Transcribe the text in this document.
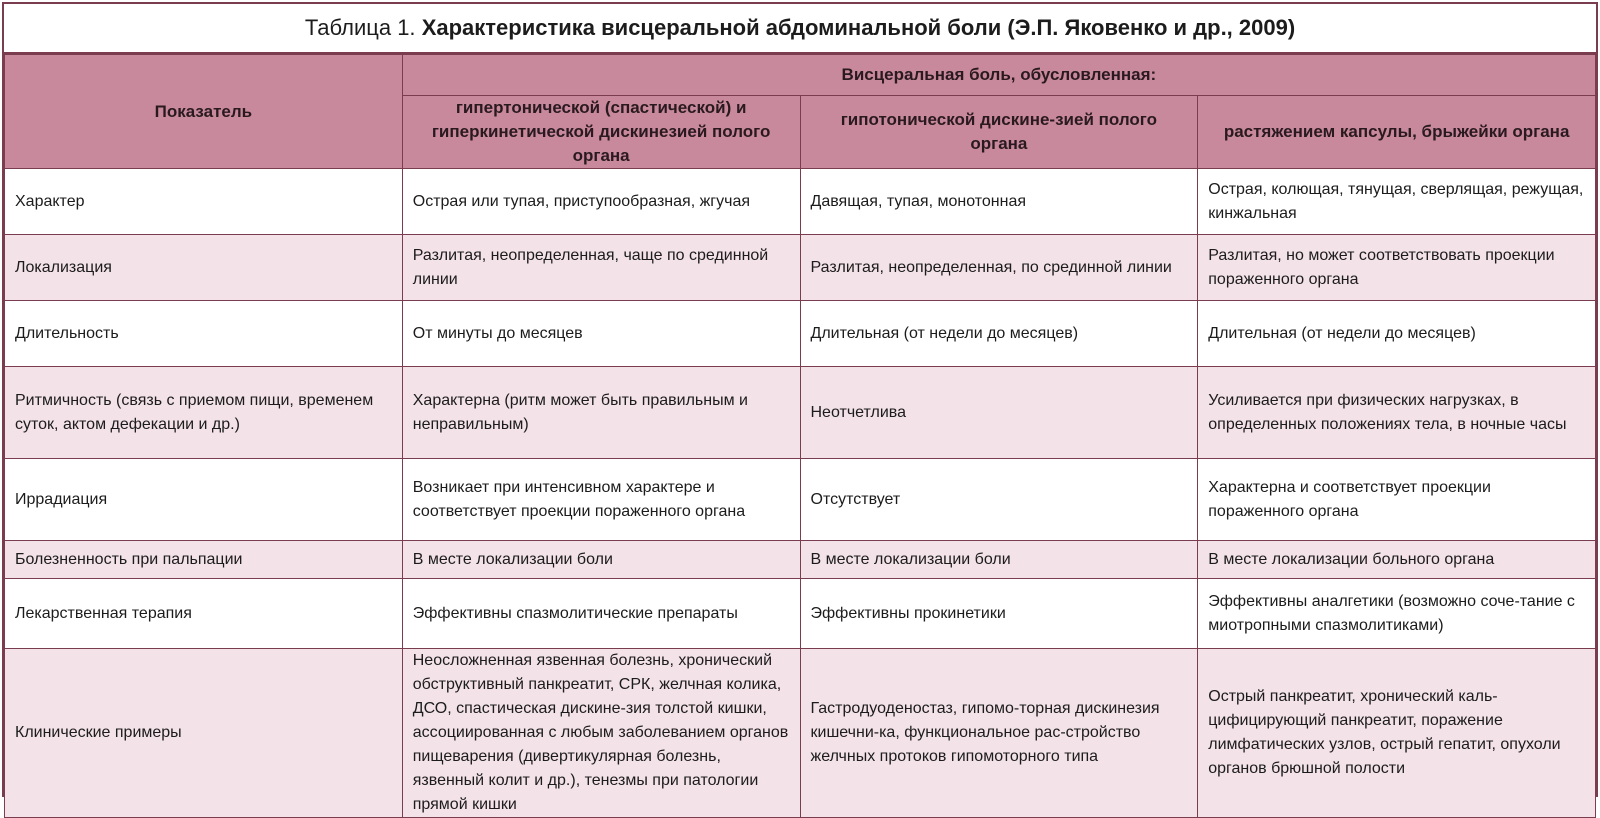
Таблица 1. Характеристика висцеральной абдоминальной боли (Э.П. Яковенко и др., 2009)
Показатель	Висцеральная боль, обусловленная:		
	гипертонической (спастической) и гиперкинетической дискинезией полого органа	гипотонической дискине-зией полого органа	растяжением капсулы, брыжейки органа
Характер	Острая или тупая, приступообразная, жгучая	Давящая, тупая, монотонная	Острая, колющая, тянущая, сверлящая, режущая, кинжальная
Локализация	Разлитая, неопределенная, чаще по срединной линии	Разлитая, неопределенная, по срединной линии	Разлитая, но может соответствовать проекции пораженного органа
Длительность	От минуты до месяцев	Длительная (от недели до месяцев)	Длительная (от недели до месяцев)
Ритмичность (связь с приемом пищи, временем суток, актом дефекации и др.)	Характерна (ритм может быть правильным и неправильным)	Неотчетлива	Усиливается при физических нагрузках, в определенных положениях тела, в ночные часы
Иррадиация	Возникает при интенсивном характере и соответствует проекции пораженного органа	Отсутствует	Характерна и соответствует проекции пораженного органа
Болезненность при пальпации	В месте локализации боли	В месте локализации боли	В месте локализации больного органа
Лекарственная терапия	Эффективны спазмолитические препараты	Эффективны прокинетики	Эффективны аналгетики (возможно соче-тание с миотропными спазмолитиками)
Клинические примеры	Неосложненная язвенная болезнь, хронический обструктивный панкреатит, СРК, желчная колика, ДСО, спастическая дискине-зия толстой кишки, ассоциированная с любым заболеванием органов пищеварения (дивертикулярная болезнь, язвенный колит и др.), тенезмы при патологии прямой кишки	Гастродуоденостаз, гипомо-торная дискинезия кишечни-ка, функциональное рас-стройство желчных протоков гипомоторного типа	Острый панкреатит, хронический каль-цифицирующий панкреатит, поражение лимфатических узлов, острый гепатит, опухоли органов брюшной полости
